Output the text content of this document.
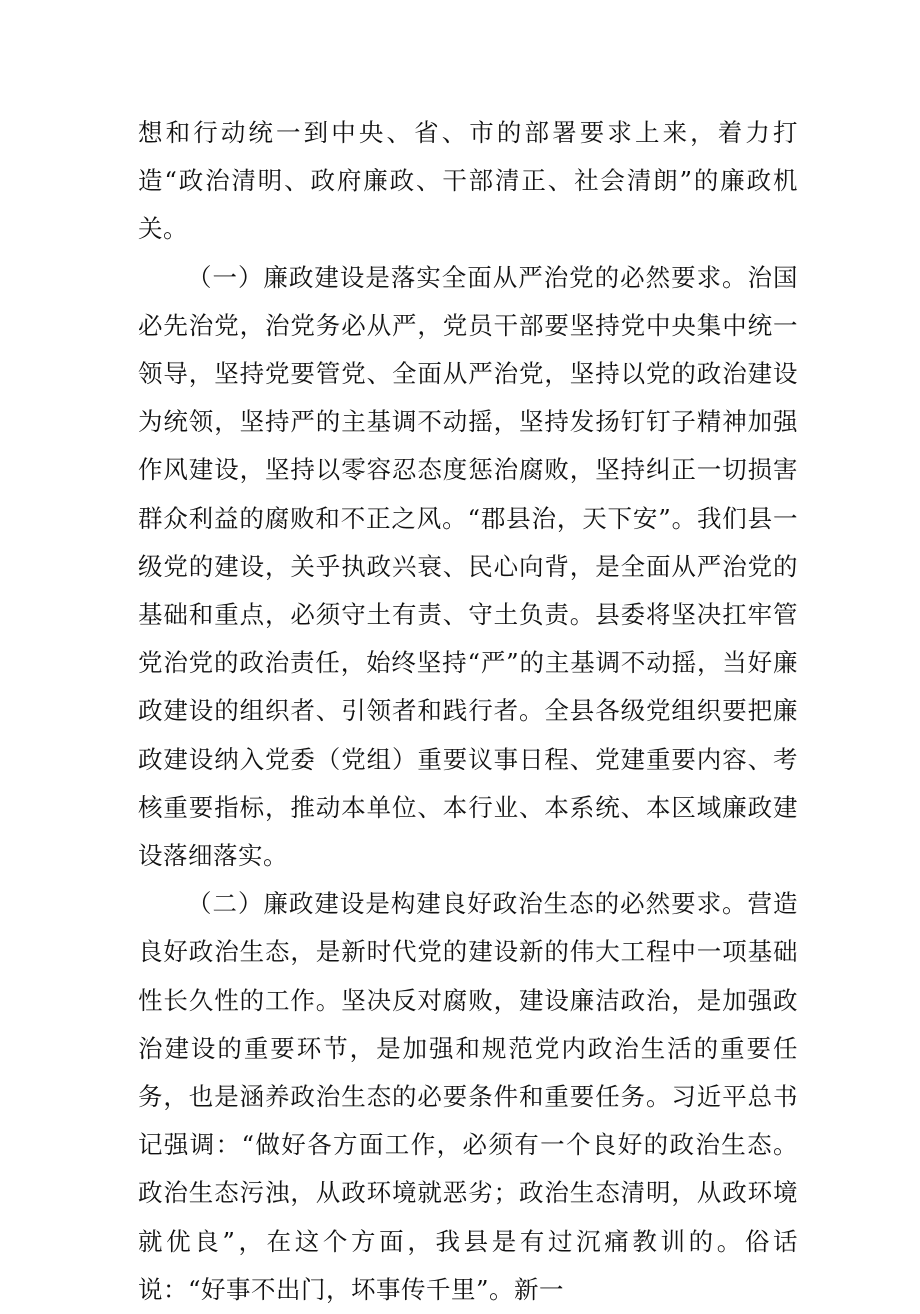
想和行动统一到中央、省、市的部署要求上来，着力打造“政治清明、政府廉政、干部清正、社会清朗”的廉政机关。

（一）廉政建设是落实全面从严治党的必然要求。治国必先治党，治党务必从严，党员干部要坚持党中央集中统一领导，坚持党要管党、全面从严治党，坚持以党的政治建设为统领，坚持严的主基调不动摇，坚持发扬钉钉子精神加强作风建设，坚持以零容忍态度惩治腐败，坚持纠正一切损害群众利益的腐败和不正之风。“郡县治，天下安”。我们县一级党的建设，关乎执政兴衰、民心向背，是全面从严治党的基础和重点，必须守土有责、守土负责。县委将坚决扛牢管党治党的政治责任，始终坚持“严”的主基调不动摇，当好廉政建设的组织者、引领者和践行者。全县各级党组织要把廉政建设纳入党委（党组）重要议事日程、党建重要内容、考核重要指标，推动本单位、本行业、本系统、本区域廉政建设落细落实。

（二）廉政建设是构建良好政治生态的必然要求。营造良好政治生态，是新时代党的建设新的伟大工程中一项基础性长久性的工作。坚决反对腐败，建设廉洁政治，是加强政治建设的重要环节，是加强和规范党内政治生活的重要任务，也是涵养政治生态的必要条件和重要任务。习近平总书记强调：“做好各方面工作，必须有一个良好的政治生态。政治生态污浊，从政环境就恶劣；政治生态清明，从政环境就优良”，在这个方面，我县是有过沉痛教训的。俗话说：“好事不出门，坏事传千里”。新一
